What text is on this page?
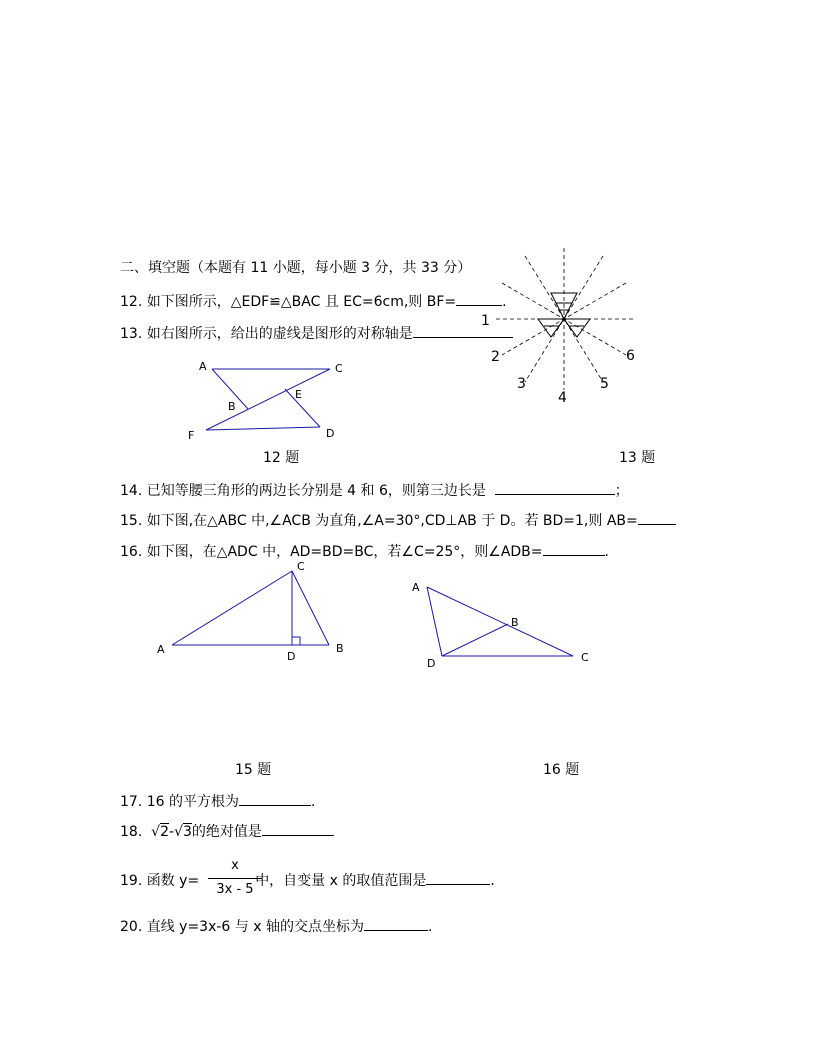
二、填空题（本题有 11 小题，每小题 3 分，共 33 分）
12. 如下图所示，△EDF≌△BAC 且 EC=6cm,则 BF=	.
13. 如右图所示，给出的虚线是图形的对称轴是
A	C
B
E
F	D
1
2
3
4
5
6
12 题	13 题
14. 已知等腰三角形的两边长分别是 4 和 6，则第三边长是	；
15. 如下图,在△ABC 中,∠ACB 为直角,∠A=30°,CD⊥AB 于 D。若 BD=1,则 AB=
16. 如下图，在△ADC 中，AD=BD=BC，若∠C=25°，则∠ADB=	.
A	B
C
D
A
B
C
D
15 题	16 题
17. 16 的平方根为	.
18. √2-√3的绝对值是
19. 函数 y=	中，自变量 x 的取值范围是	.
x
3x - 5
20. 直线 y=3x-6 与 x 轴的交点坐标为	.
